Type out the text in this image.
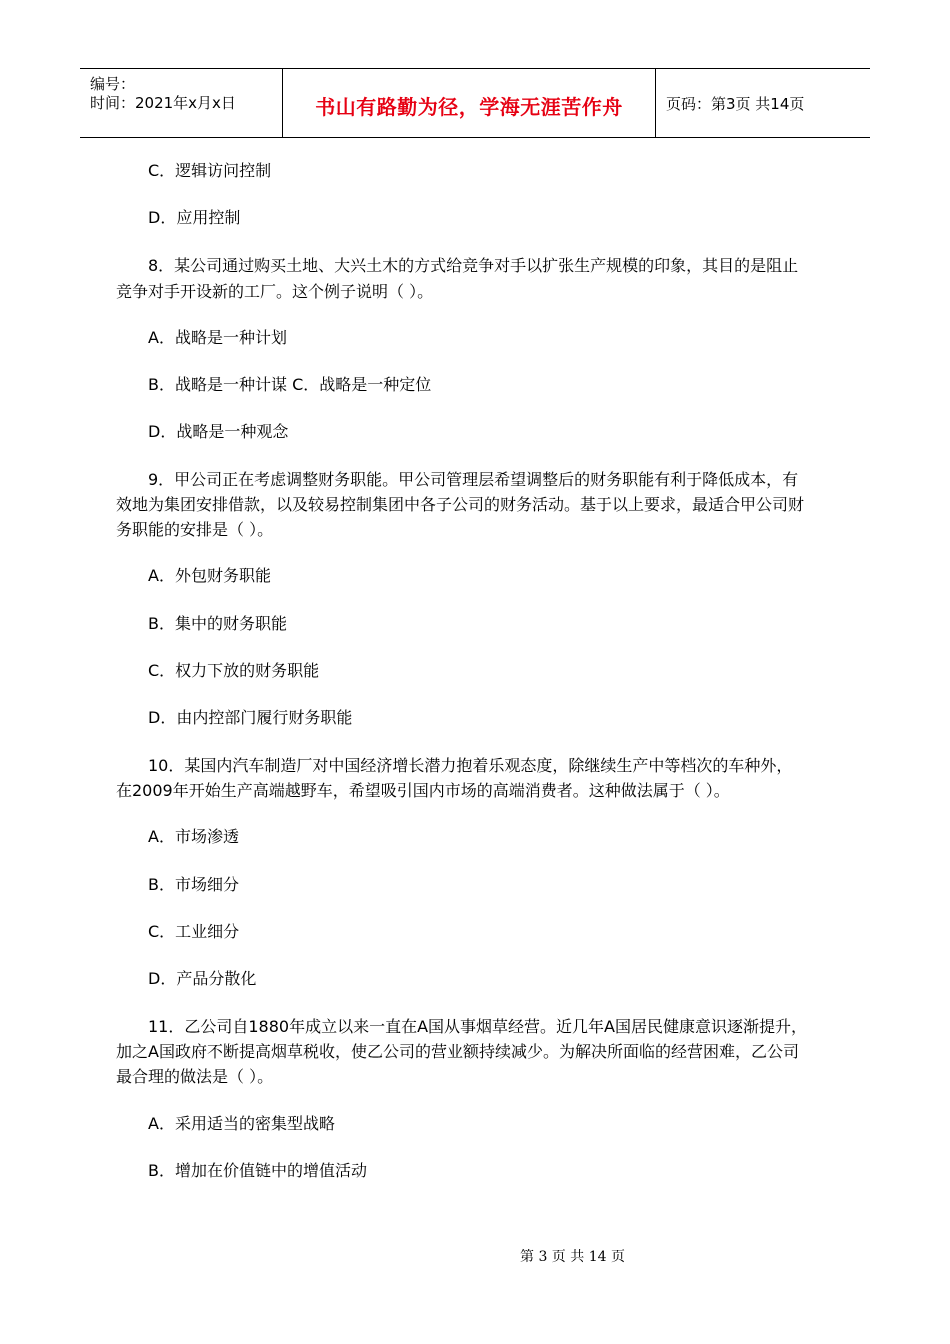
编号：
时间：2021年x月x日	书山有路勤为径，学海无涯苦作舟	页码：第3页 共14页
C．逻辑访问控制
D．应用控制
8．某公司通过购买土地、大兴土木的方式给竞争对手以扩张生产规模的印象，其目的是阻止
竞争对手开设新的工厂。这个例子说明（ ）。
A．战略是一种计划
B．战略是一种计谋 C．战略是一种定位
D．战略是一种观念
9．甲公司正在考虑调整财务职能。甲公司管理层希望调整后的财务职能有利于降低成本，有
效地为集团安排借款，以及较易控制集团中各子公司的财务活动。基于以上要求，最适合甲公司财
务职能的安排是（ ）。
A．外包财务职能
B．集中的财务职能
C．权力下放的财务职能
D．由内控部门履行财务职能
10．某国内汽车制造厂对中国经济增长潜力抱着乐观态度，除继续生产中等档次的车种外，
在2009年开始生产高端越野车，希望吸引国内市场的高端消费者。这种做法属于（ ）。
A．市场渗透
B．市场细分
C．工业细分
D．产品分散化
11．乙公司自1880年成立以来一直在A国从事烟草经营。近几年A国居民健康意识逐渐提升，
加之A国政府不断提高烟草税收，使乙公司的营业额持续减少。为解决所面临的经营困难，乙公司
最合理的做法是（ ）。
A．采用适当的密集型战略
B．增加在价值链中的增值活动
第 3 页 共 14 页
